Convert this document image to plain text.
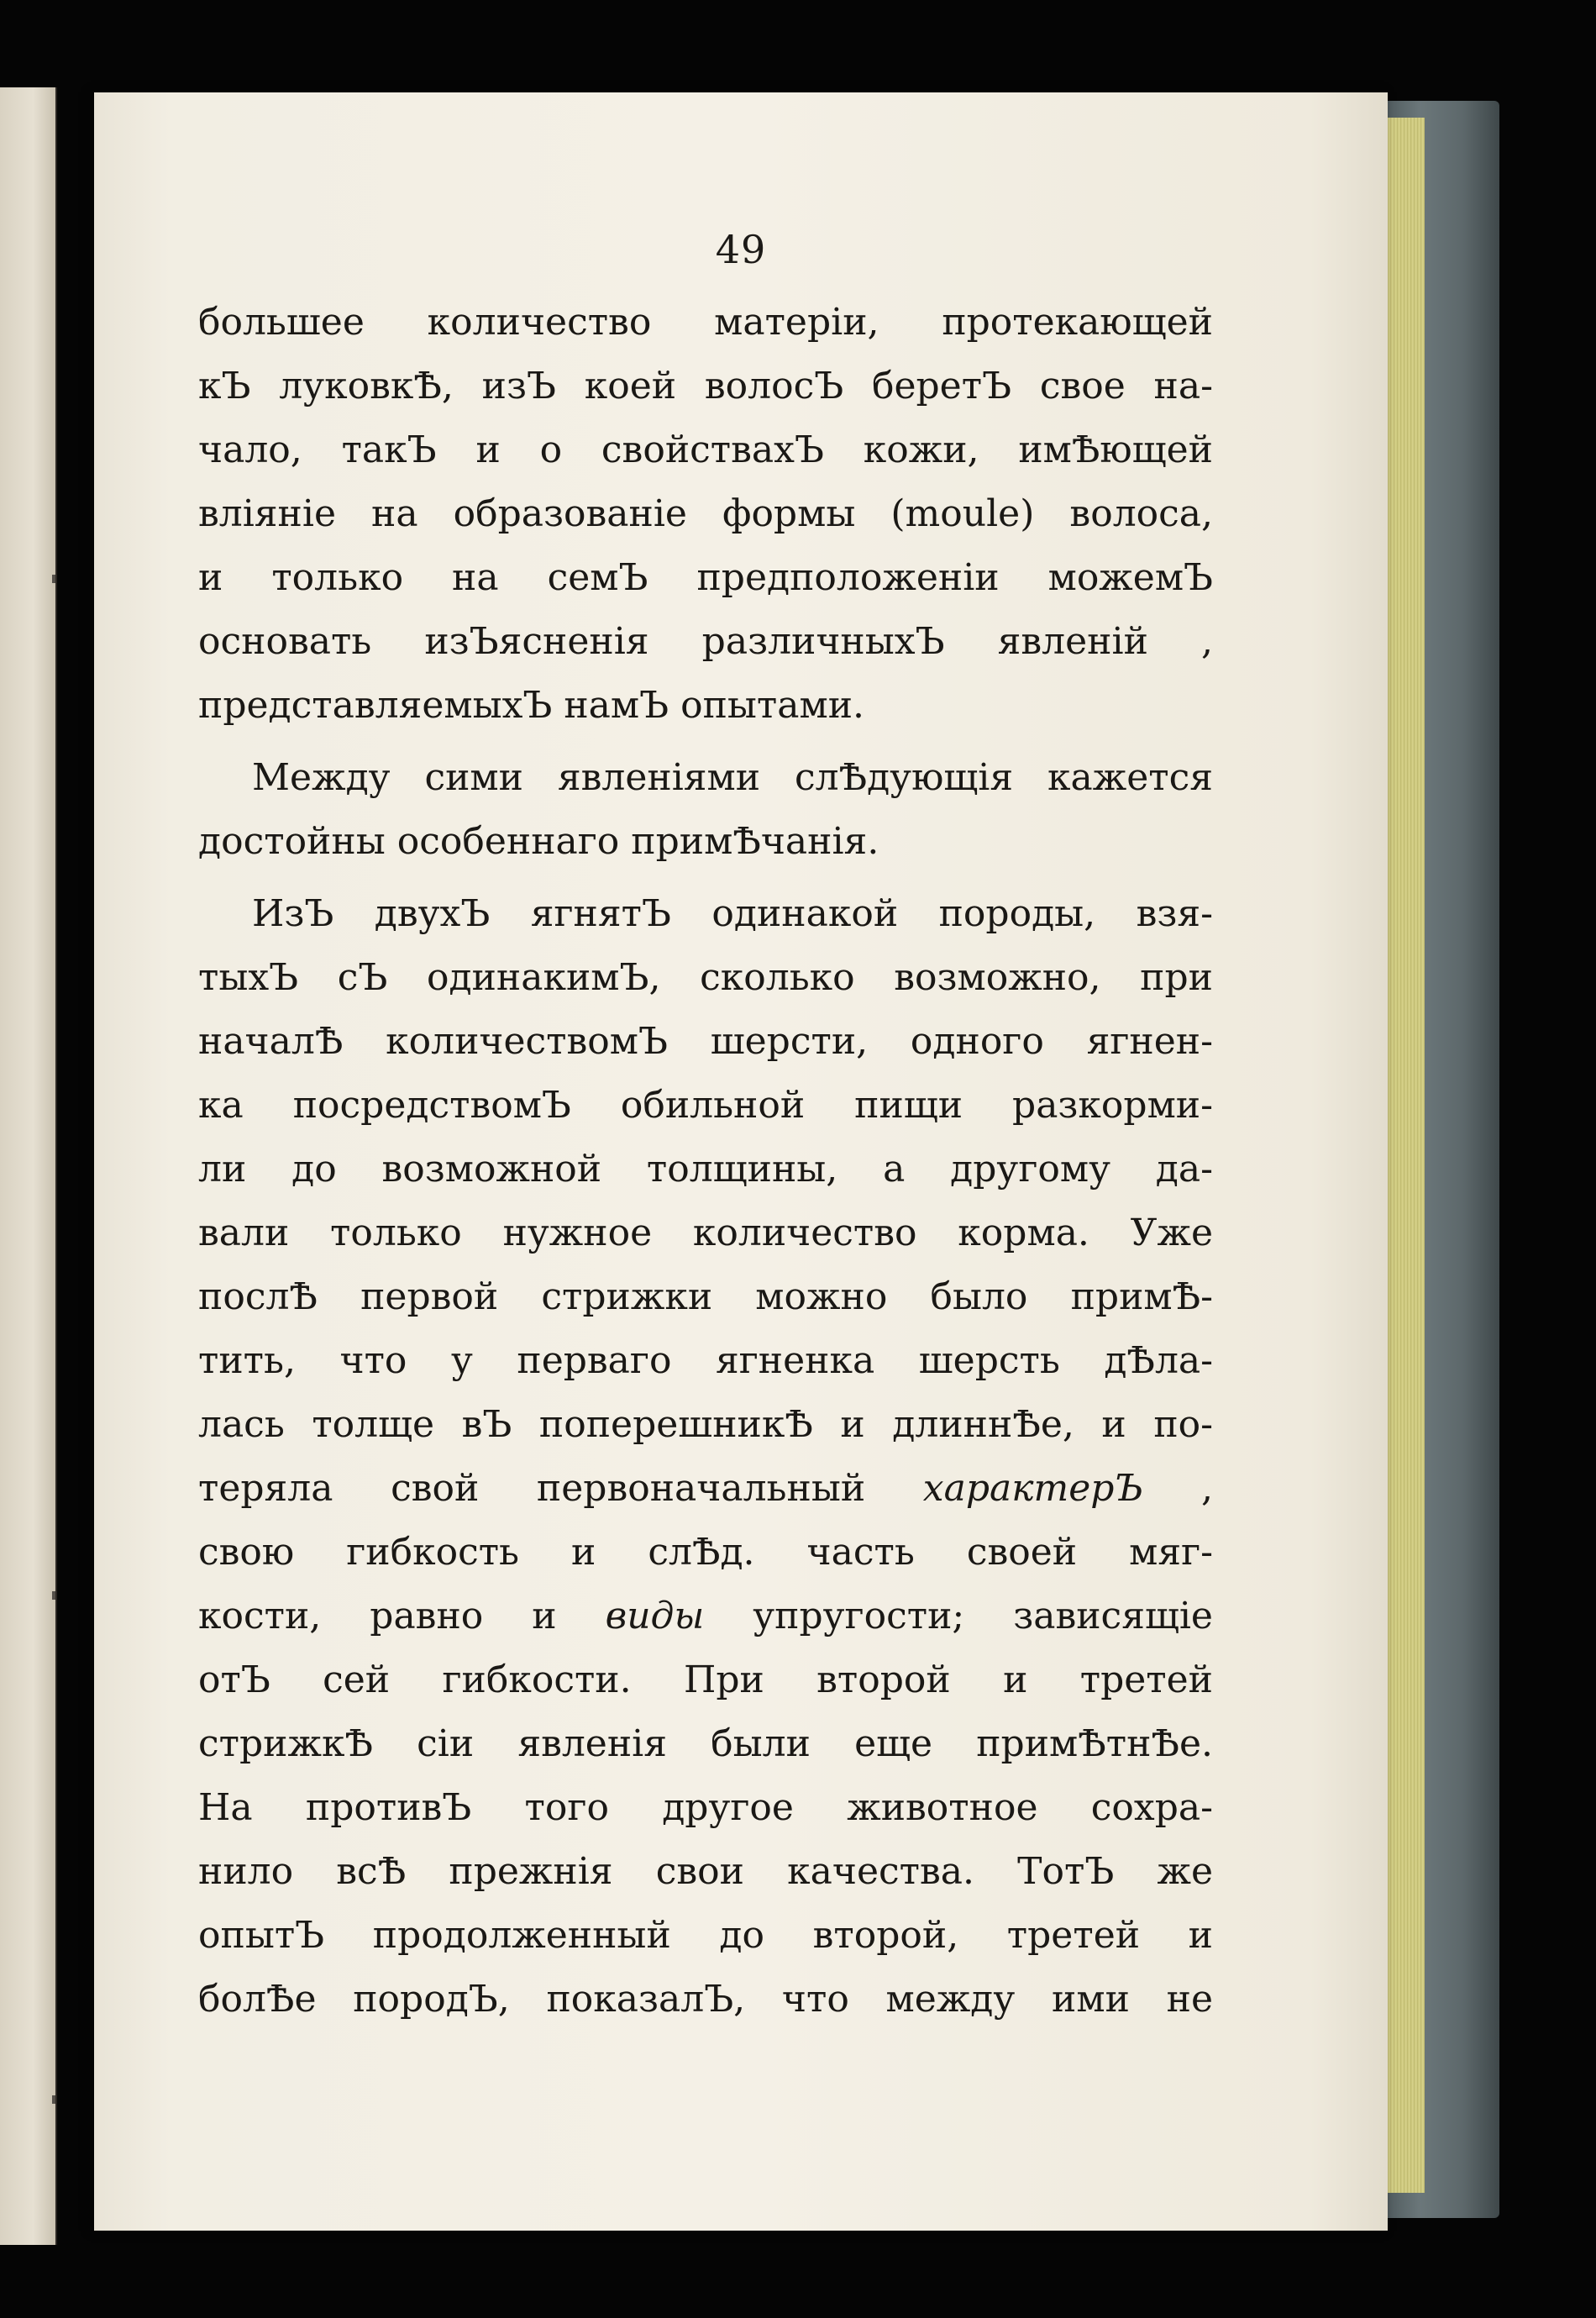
49
большее количество матеріи, протекающей
кЪ луковкѢ, изЪ коей волосЪ беретЪ свое на-
чало, такЪ и о свойствахЪ кожи, имѢющей
вліяніе на образованіе формы (moule) волоса,
и только на семЪ предположеніи можемЪ
основать изЪясненія различныхЪ явленій ,
представляемыхЪ намЪ опытами.
Между сими явленіями слѢдующія кажется
достойны особеннаго примѢчанія.
ИзЪ двухЪ ягнятЪ одинакой породы, взя-
тыхЪ сЪ одинакимЪ, сколько возможно, при
началѢ количествомЪ шерсти, одного ягнен-
ка посредствомЪ обильной пищи разкорми-
ли до возможной толщины, а другому да-
вали только нужное количество корма. Уже
послѢ первой стрижки можно было примѢ-
тить, что у перваго ягненка шерсть дѢла-
лась толще вЪ поперешникѢ и длиннѢе, и по-
теряла свой первоначальный характерЪ ,
свою гибкость и слѢд. часть своей мяг-
кости, равно и виды упругости; зависящіе
отЪ сей гибкости. При второй и третей
стрижкѢ сіи явленія были еще примѢтнѢе.
На противЪ того другое животное сохра-
нило всѢ прежнія свои качества. ТотЪ же
опытЪ продолженный до второй, третей и
болѢе породЪ, показалЪ, что между ими не
